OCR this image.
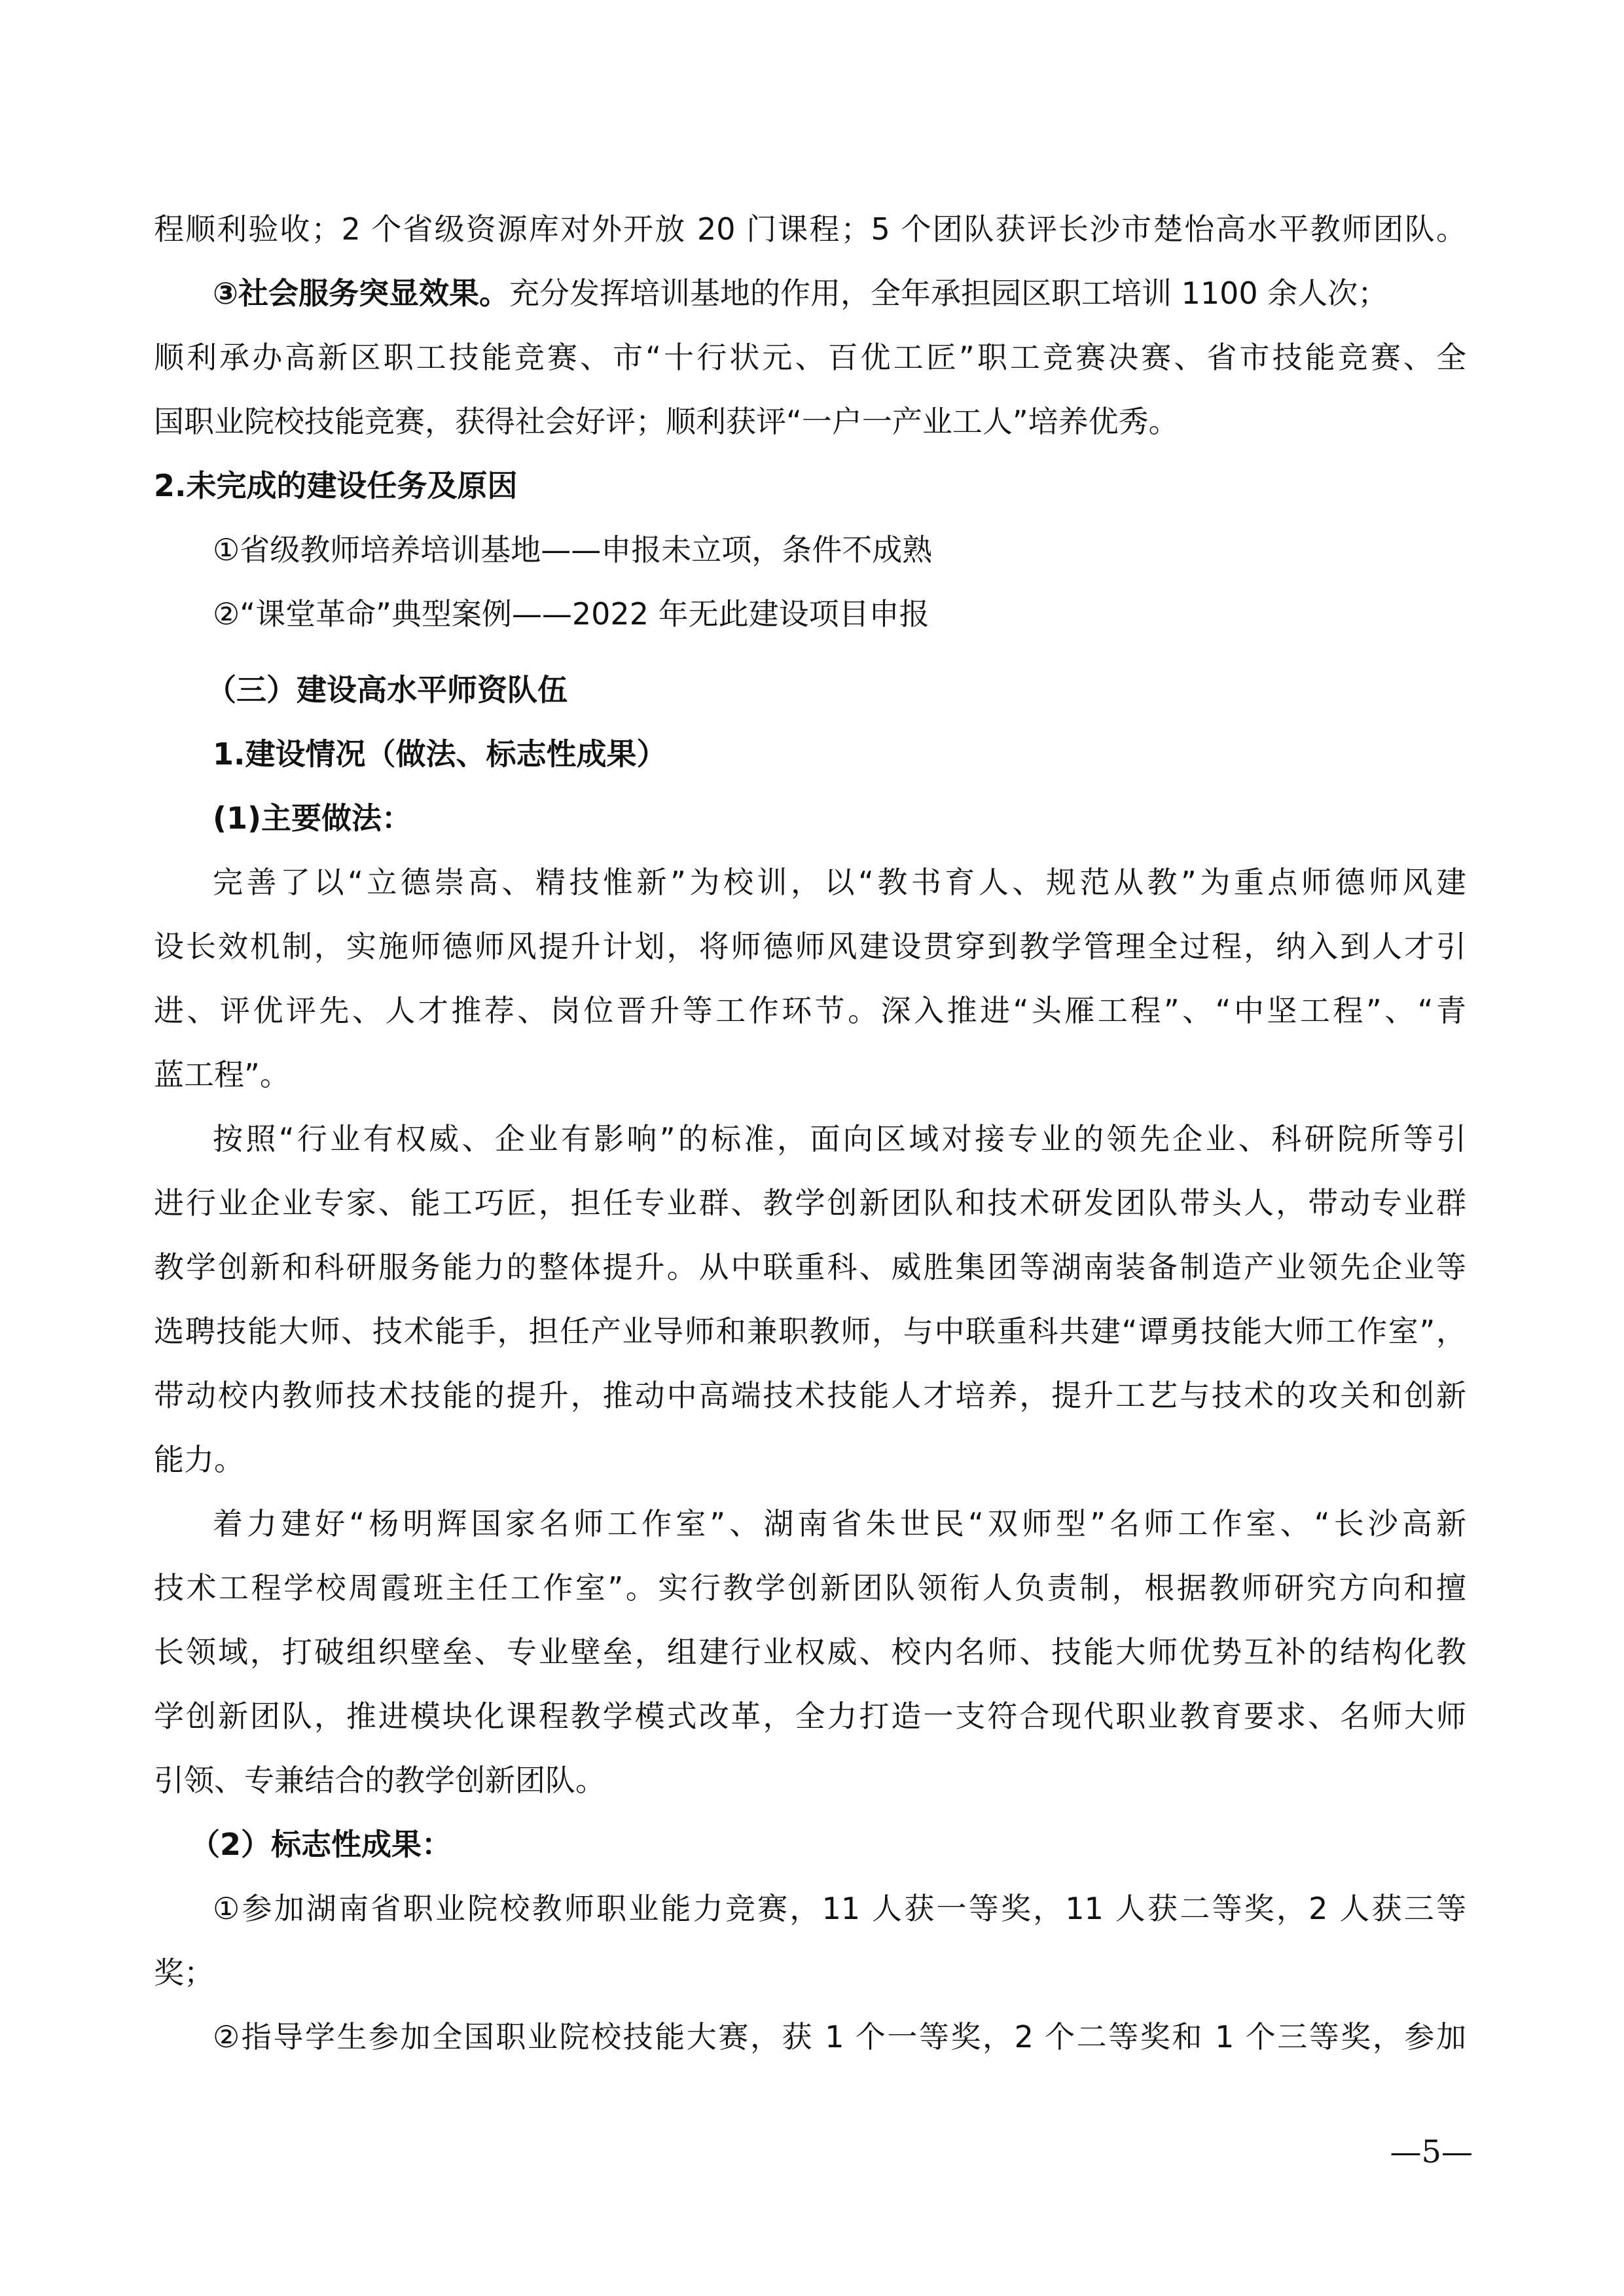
程顺利验收；2 个省级资源库对外开放 20 门课程；5 个团队获评长沙市楚怡高水平教师团队。
③社会服务突显效果。充分发挥培训基地的作用，全年承担园区职工培训 1100 余人次；
顺利承办高新区职工技能竞赛、市“十行状元、百优工匠”职工竞赛决赛、省市技能竞赛、全
国职业院校技能竞赛，获得社会好评；顺利获评“一户一产业工人”培养优秀。
2.未完成的建设任务及原因
①省级教师培养培训基地——申报未立项，条件不成熟
②“课堂革命”典型案例——2022 年无此建设项目申报
（三）建设高水平师资队伍
1.建设情况（做法、标志性成果）
(1)主要做法：
完善了以“立德崇高、精技惟新”为校训，以“教书育人、规范从教”为重点师德师风建
设长效机制，实施师德师风提升计划，将师德师风建设贯穿到教学管理全过程，纳入到人才引
进、评优评先、人才推荐、岗位晋升等工作环节。深入推进“头雁工程”、“中坚工程”、“青
蓝工程”。
按照“行业有权威、企业有影响”的标准，面向区域对接专业的领先企业、科研院所等引
进行业企业专家、能工巧匠，担任专业群、教学创新团队和技术研发团队带头人，带动专业群
教学创新和科研服务能力的整体提升。从中联重科、威胜集团等湖南装备制造产业领先企业等
选聘技能大师、技术能手，担任产业导师和兼职教师，与中联重科共建“谭勇技能大师工作室”，
带动校内教师技术技能的提升，推动中高端技术技能人才培养，提升工艺与技术的攻关和创新
能力。
着力建好“杨明辉国家名师工作室”、湖南省朱世民“双师型”名师工作室、“长沙高新
技术工程学校周霞班主任工作室”。实行教学创新团队领衔人负责制，根据教师研究方向和擅
长领域，打破组织壁垒、专业壁垒，组建行业权威、校内名师、技能大师优势互补的结构化教
学创新团队，推进模块化课程教学模式改革，全力打造一支符合现代职业教育要求、名师大师
引领、专兼结合的教学创新团队。
（2）标志性成果：
①参加湖南省职业院校教师职业能力竞赛，11 人获一等奖，11 人获二等奖，2 人获三等
奖；
②指导学生参加全国职业院校技能大赛，获 1 个一等奖，2 个二等奖和 1 个三等奖，参加
—5—
